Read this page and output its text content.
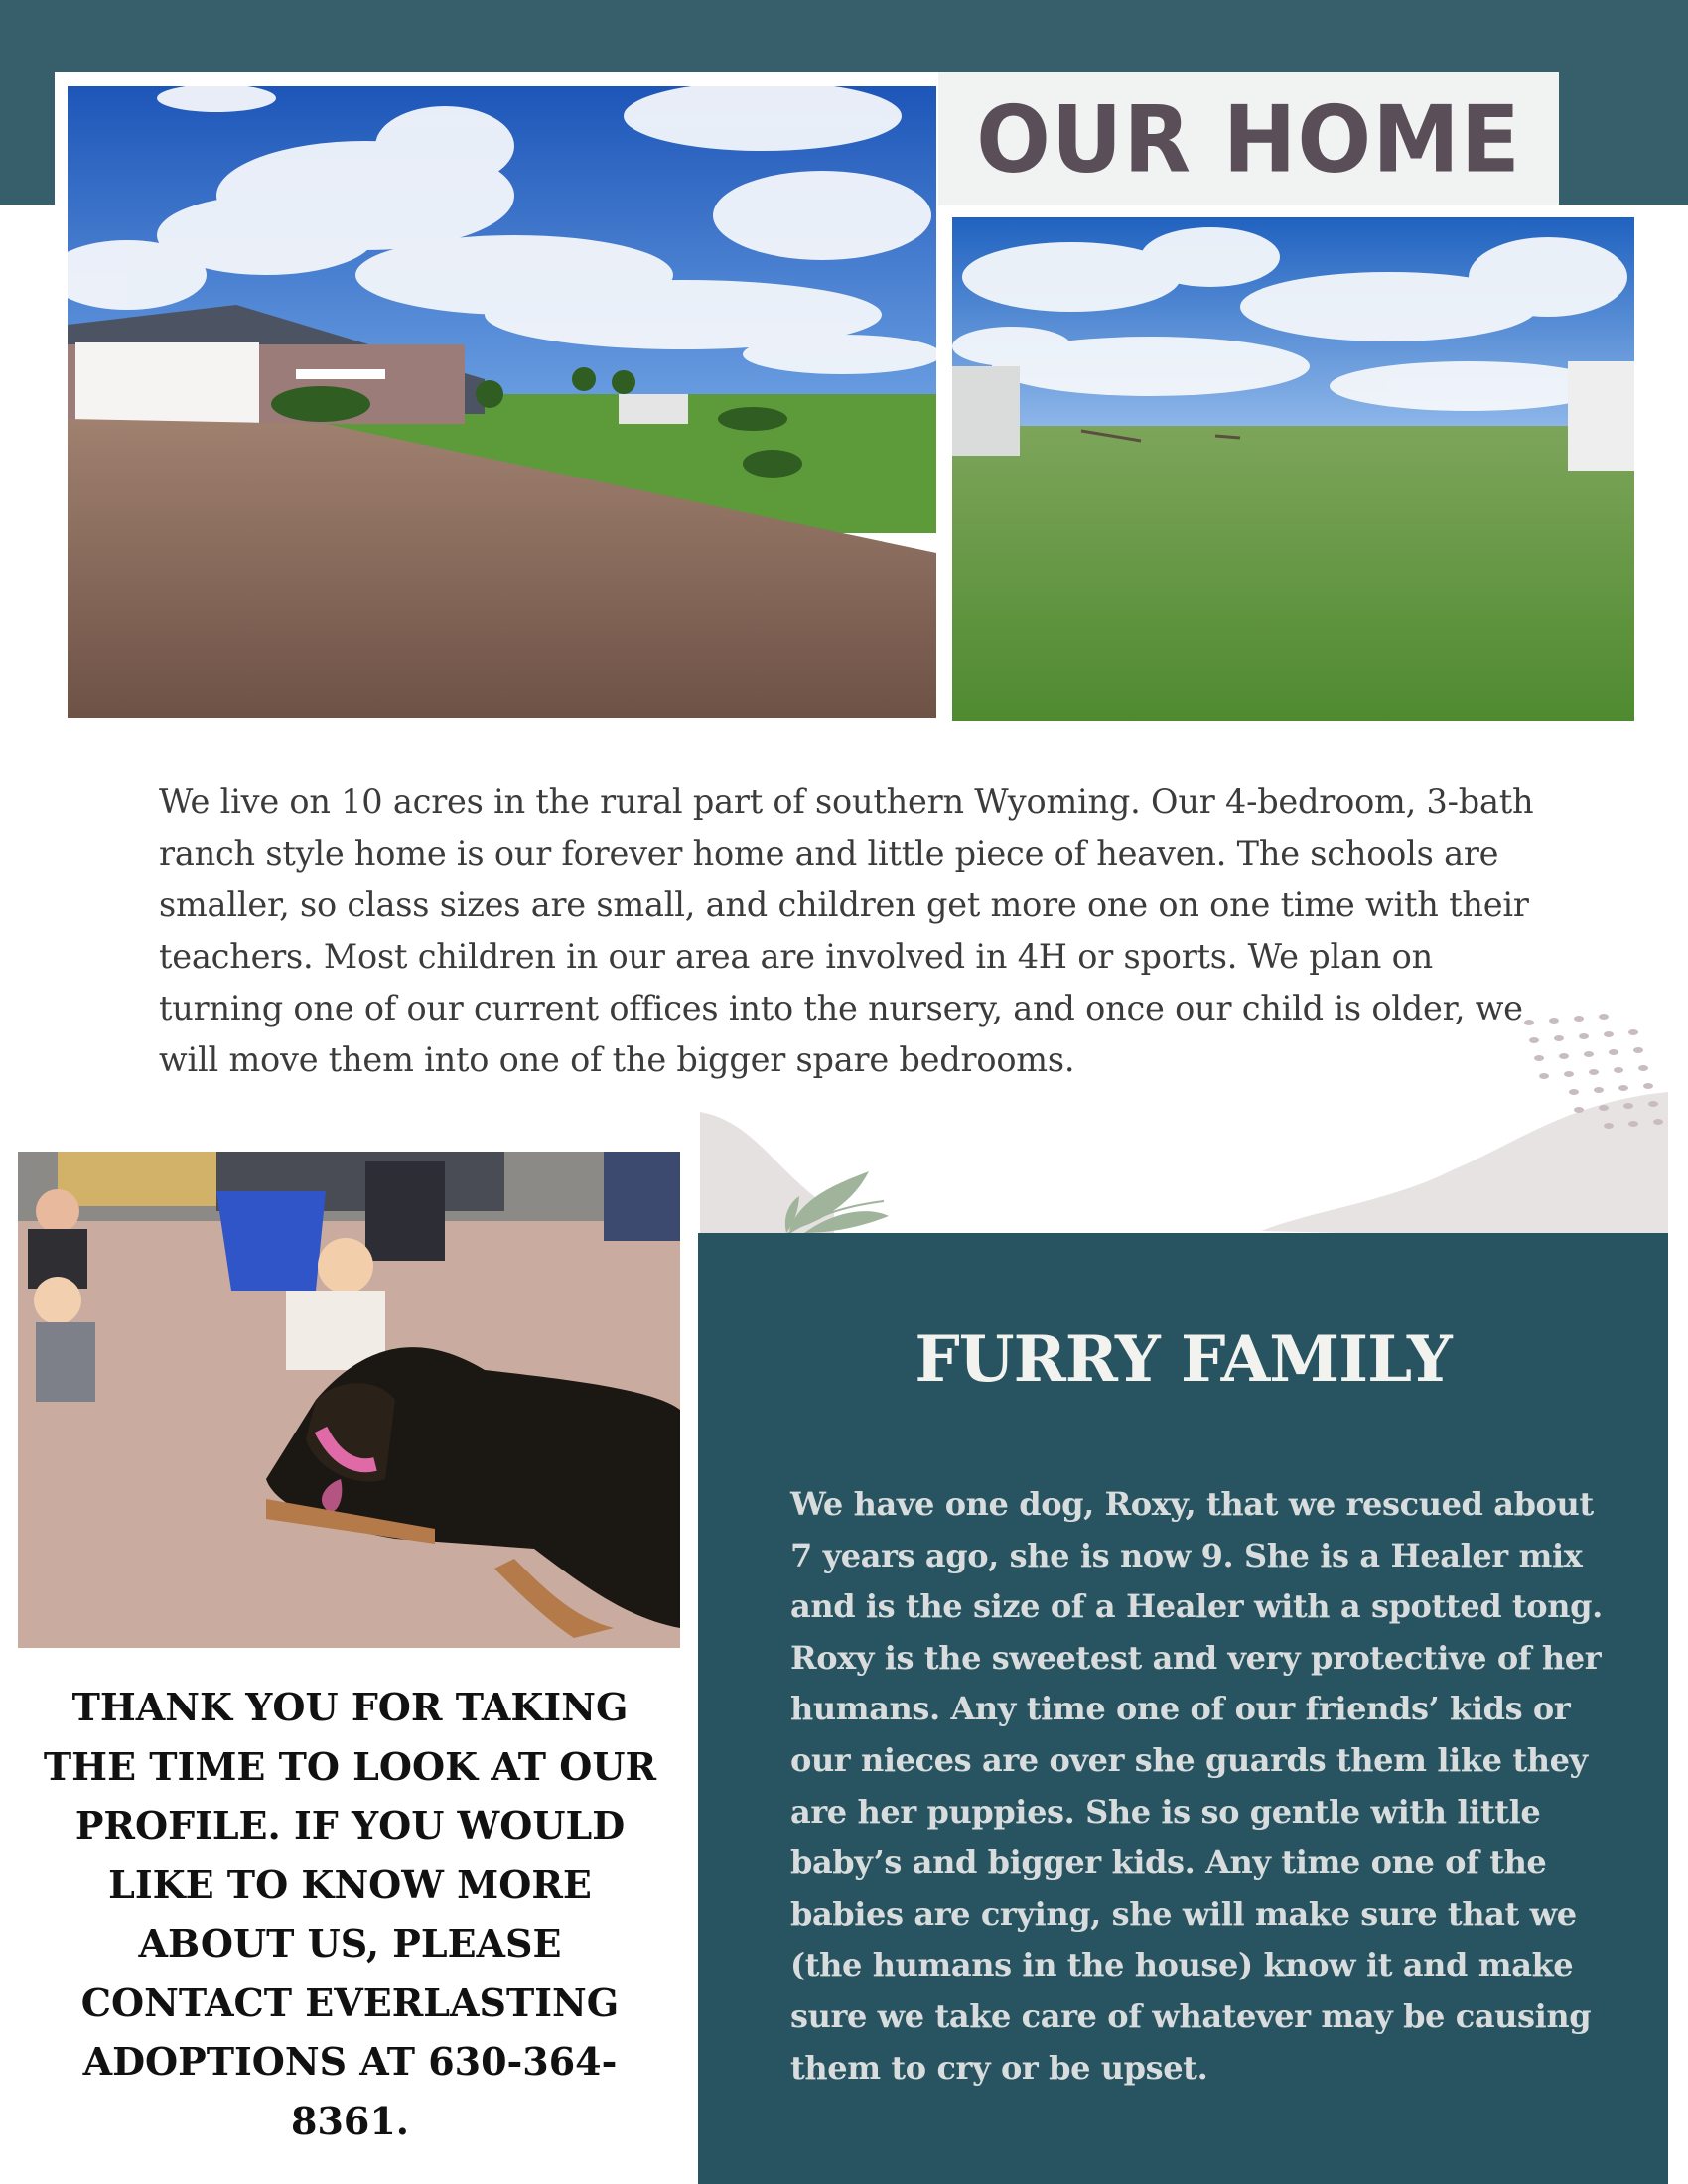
OUR HOME

We live on 10 acres in the rural part of southern Wyoming. Our 4-bedroom, 3-bath ranch style home is our forever home and little piece of heaven. The schools are smaller, so class sizes are small, and children get more one on one time with their teachers. Most children in our area are involved in 4H or sports. We plan on turning one of our current offices into the nursery, and once our child is older, we will move them into one of the bigger spare bedrooms.

FURRY FAMILY

We have one dog, Roxy, that we rescued about 7 years ago, she is now 9. She is a Healer mix and is the size of a Healer with a spotted tong. Roxy is the sweetest and very protective of her humans. Any time one of our friends’ kids or our nieces are over she guards them like they are her puppies. She is so gentle with little baby’s and bigger kids. Any time one of the babies are crying, she will make sure that we (the humans in the house) know it and make sure we take care of whatever may be causing them to cry or be upset.

THANK YOU FOR TAKING THE TIME TO LOOK AT OUR PROFILE. IF YOU WOULD LIKE TO KNOW MORE ABOUT US, PLEASE CONTACT EVERLASTING ADOPTIONS AT 630-364-8361.
